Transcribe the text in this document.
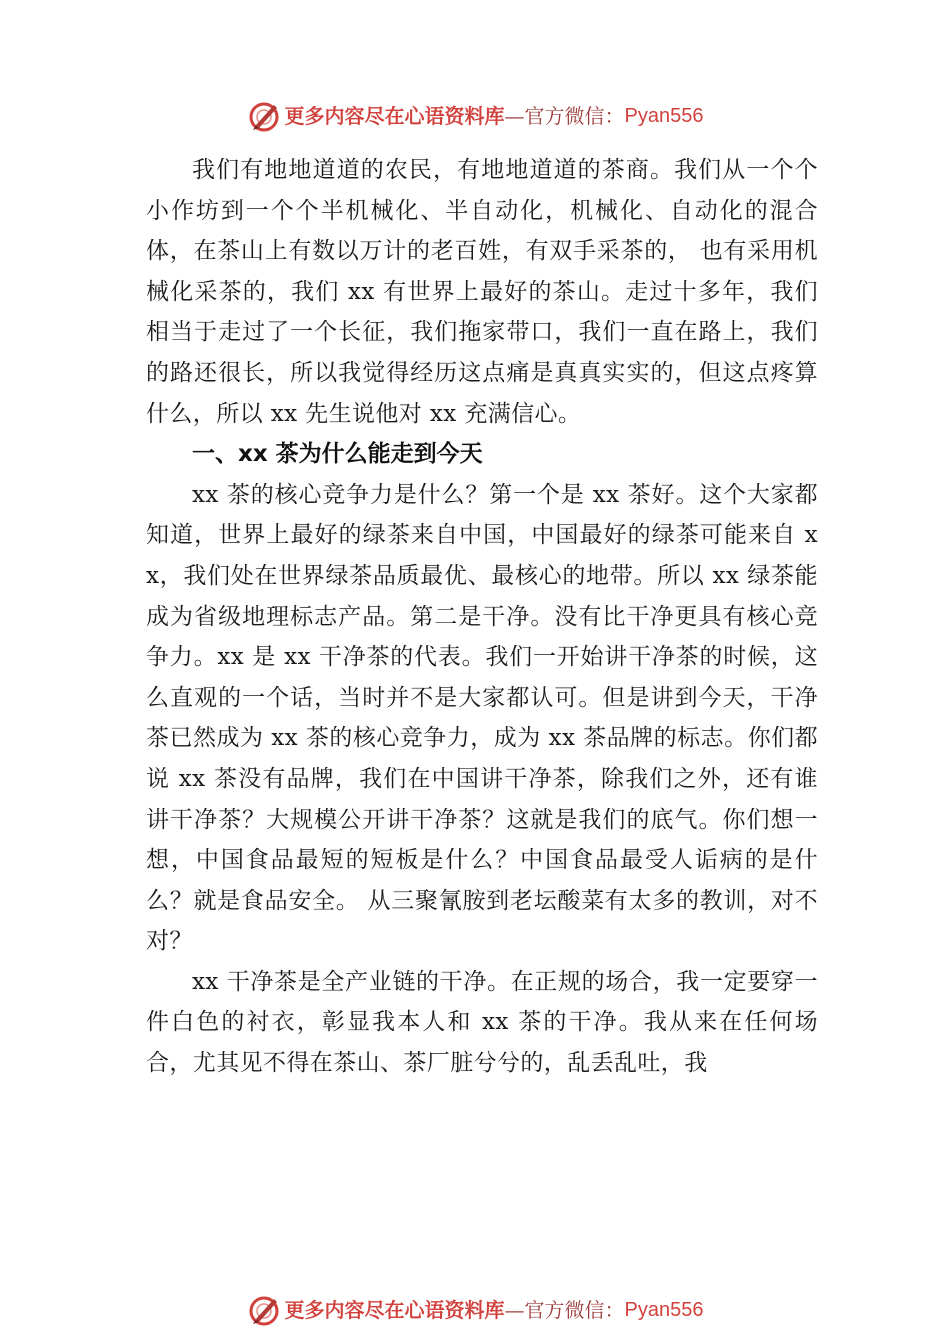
更多内容尽在心语资料库 —官方微信： Pyan556

我们有地地道道的农民，有地地道道的茶商。我们从一个个小作坊到一个个半机械化、半自动化，机械化、自动化的混合体，在茶山上有数以万计的老百姓，有双手采茶的， 也有采用机械化采茶的，我们 xx 有世界上最好的茶山。走过十多年，我们相当于走过了一个长征，我们拖家带口，我们一直在路上，我们的路还很长，所以我觉得经历这点痛是真真实实的，但这点疼算什么，所以 xx 先生说他对 xx 充满信心。

一、xx 茶为什么能走到今天

xx 茶的核心竞争力是什么？第一个是 xx 茶好。这个大家都知道，世界上最好的绿茶来自中国，中国最好的绿茶可能来自 xx，我们处在世界绿茶品质最优、最核心的地带。所以 xx 绿茶能成为省级地理标志产品。第二是干净。没有比干净更具有核心竞争力。xx 是 xx 干净茶的代表。我们一开始讲干净茶的时候，这么直观的一个话，当时并不是大家都认可。但是讲到今天，干净茶已然成为 xx 茶的核心竞争力，成为 xx 茶品牌的标志。你们都说 xx 茶没有品牌，我们在中国讲干净茶，除我们之外，还有谁讲干净茶？大规模公开讲干净茶？这就是我们的底气。你们想一想，中国食品最短的短板是什么？中国食品最受人诟病的是什么？就是食品安全。 从三聚氰胺到老坛酸菜有太多的教训，对不对？

xx 干净茶是全产业链的干净。在正规的场合，我一定要穿一件白色的衬衣，彰显我本人和 xx 茶的干净。我从来在任何场合，尤其见不得在茶山、茶厂脏兮兮的，乱丢乱吐，我

更多内容尽在心语资料库 —官方微信： Pyan556
